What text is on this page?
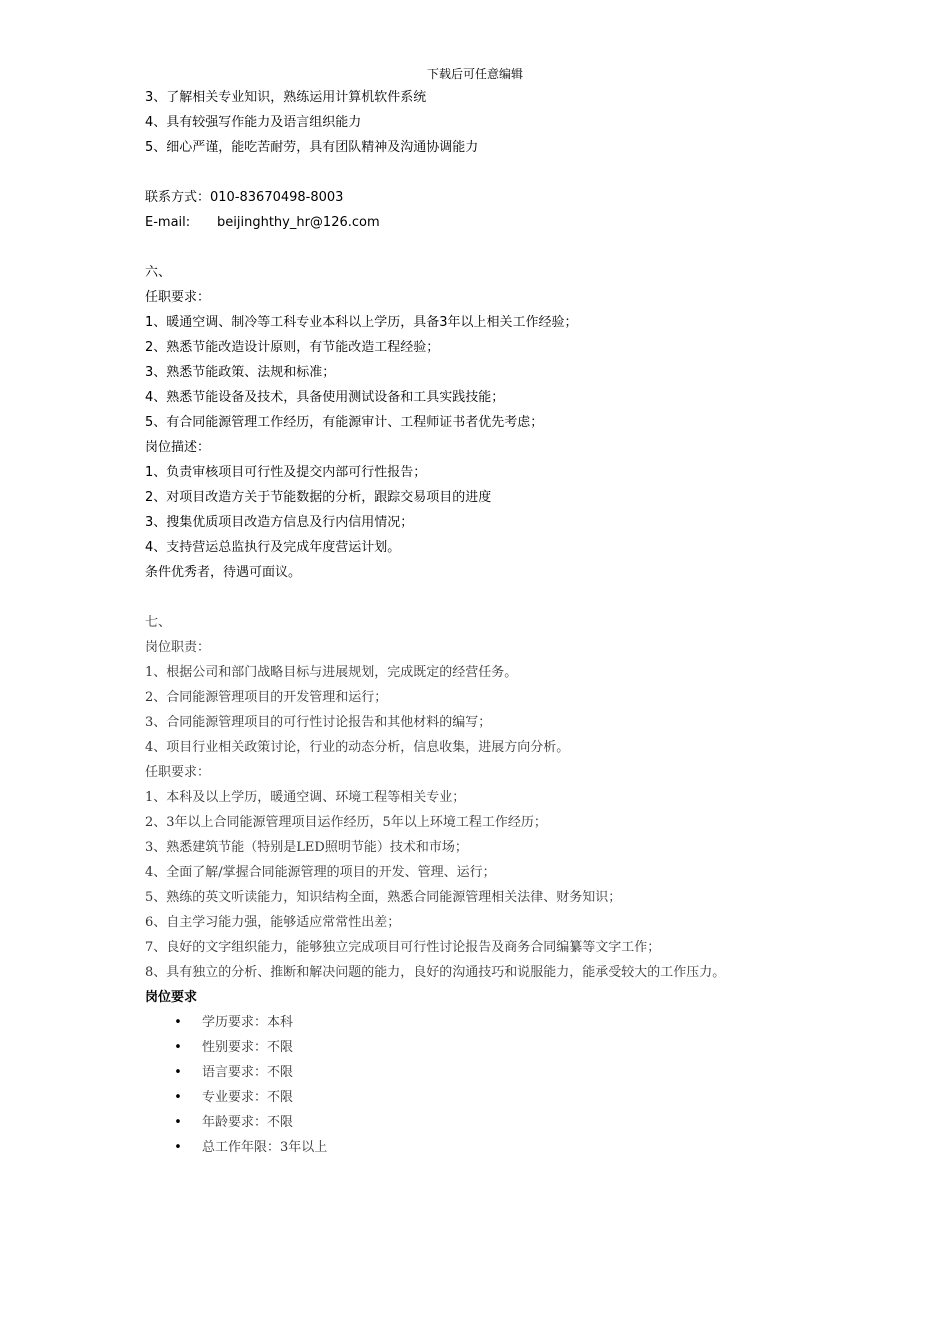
下载后可任意编辑
3、了解相关专业知识，熟练运用计算机软件系统
4、具有较强写作能力及语言组织能力
5、细心严谨，能吃苦耐劳，具有团队精神及沟通协调能力
联系方式：010-83670498-8003
E-mail: beijinghthy_hr@126.com
六、
任职要求：
1、暖通空调、制冷等工科专业本科以上学历，具备3年以上相关工作经验；
2、熟悉节能改造设计原则，有节能改造工程经验；
3、熟悉节能政策、法规和标准；
4、熟悉节能设备及技术，具备使用测试设备和工具实践技能；
5、有合同能源管理工作经历，有能源审计、工程师证书者优先考虑；
岗位描述：
1、负责审核项目可行性及提交内部可行性报告；
2、对项目改造方关于节能数据的分析，跟踪交易项目的进度
3、搜集优质项目改造方信息及行内信用情况；
4、支持营运总监执行及完成年度营运计划。
条件优秀者，待遇可面议。
七、
岗位职责：
1、根据公司和部门战略目标与进展规划，完成既定的经营任务。
2、合同能源管理项目的开发管理和运行；
3、合同能源管理项目的可行性讨论报告和其他材料的编写；
4、项目行业相关政策讨论，行业的动态分析，信息收集，进展方向分析。
任职要求：
1、本科及以上学历，暖通空调、环境工程等相关专业；
2、3年以上合同能源管理项目运作经历，5年以上环境工程工作经历；
3、熟悉建筑节能（特别是LED照明节能）技术和市场；
4、全面了解/掌握合同能源管理的项目的开发、管理、运行；
5、熟练的英文听读能力，知识结构全面，熟悉合同能源管理相关法律、财务知识；
6、自主学习能力强，能够适应常常性出差；
7、良好的文字组织能力，能够独立完成项目可行性讨论报告及商务合同编纂等文字工作；
8、具有独立的分析、推断和解决问题的能力，良好的沟通技巧和说服能力，能承受较大的工作压力。
岗位要求
• 学历要求：本科
• 性别要求：不限
• 语言要求：不限
• 专业要求：不限
• 年龄要求：不限
• 总工作年限：3年以上
